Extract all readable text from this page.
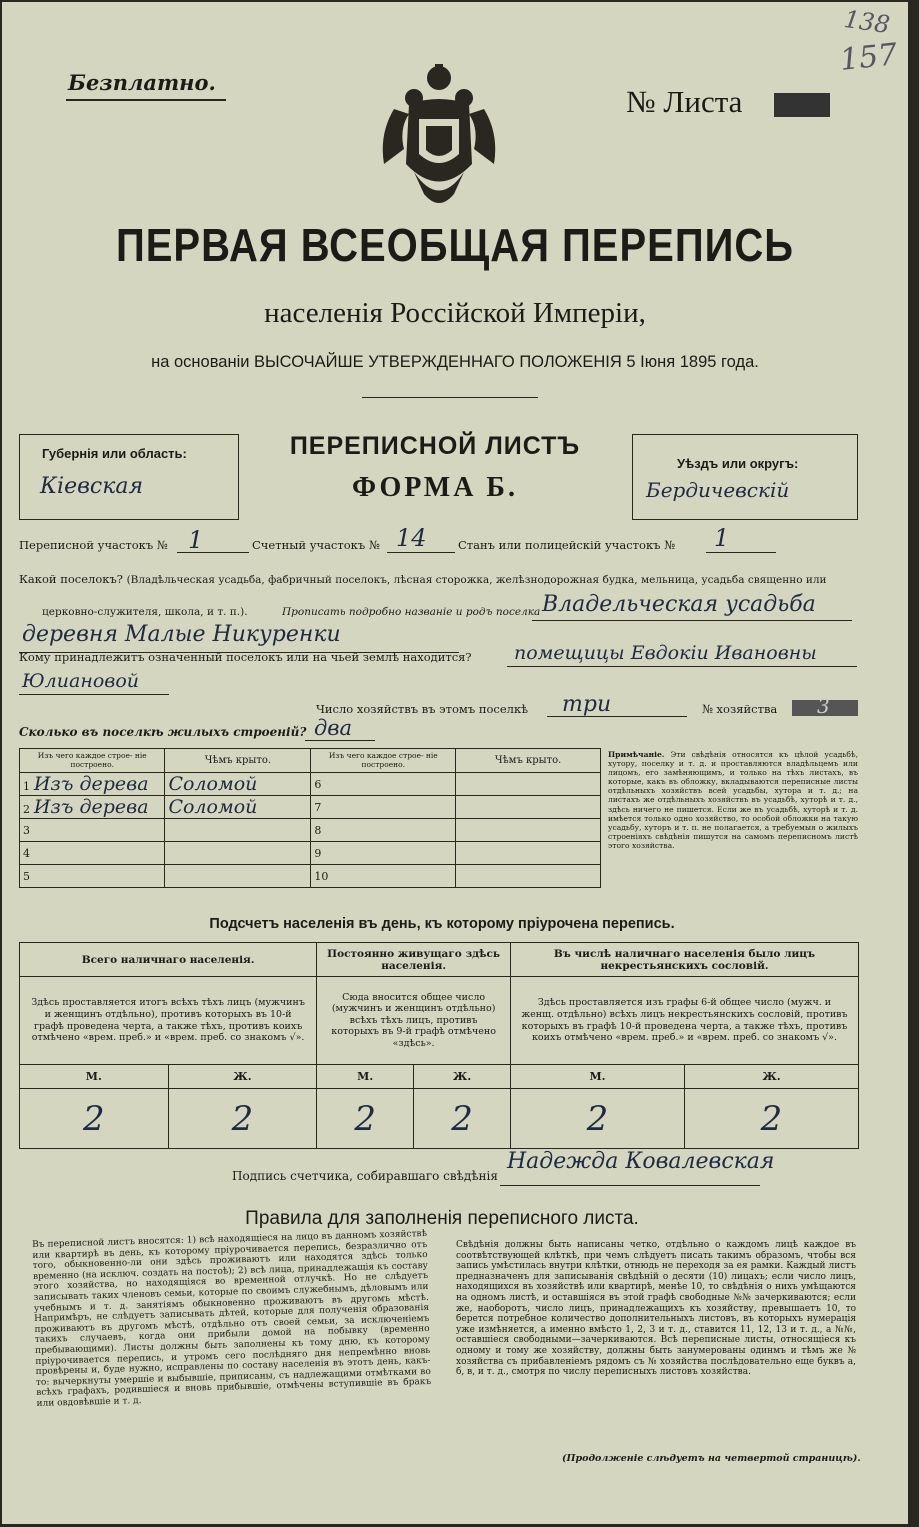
138
157
Безплатно.
№ Листа
ПЕРВАЯ ВСЕОБЩАЯ ПЕРЕПИСЬ
населенія Россійской Имперіи,
на основаніи ВЫСОЧАЙШЕ УТВЕРЖДЕННАГО ПОЛОЖЕНІЯ 5 Іюня 1895 года.
Губернія или область:
Кіевская
ПЕРЕПИСНОЙ ЛИСТЪ
ФОРМА Б.
Уѣздъ или округъ:
Бердичевскій
Переписной участокъ № 1	Счетный участокъ № 14	Станъ или полицейскій участокъ № 1
Какой поселокъ? (Владѣльческая усадьба, фабричный поселокъ, лѣсная сторожка, желѣзнодорожная будка, мельница, усадьба священно или
церковно-служителя, школа, и т. п.).	Прописать подробно названіе и родъ поселка Владельческая усадьба
деревня Малые Никуренки
Кому принадлежитъ означенный поселокъ или на чьей землѣ находится? помещицы Евдокіи Ивановны
Юлиановой
Число хозяйствъ въ этомъ поселкѣ три	№ хозяйства 3
Сколько въ поселкѣ жилыхъ строеній? два
Изъ чего каждое строе- ніе построено.	Чѣмъ крыто.	Изъ чего каждое строе- ніе построено.	Чѣмъ крыто.
1 Изъ дерева	Соломой	6	
2 Изъ дерева	Соломой	7	
3		8	
4		9	
5		10	
Примѣчаніе. Эти свѣдѣнія относятся къ цѣлой усадьбѣ, хутору, поселку и т. д. и проставляются владѣльцемъ или лицомъ, его замѣняющимъ, и только на тѣхъ листахъ, въ которые, какъ въ обложку, вкладываются переписные листы отдѣльныхъ хозяйствъ всей усадьбы, хутора и т. д.; на листахъ же отдѣльныхъ хозяйствъ въ усадьбѣ, хуторѣ и т. д., здѣсь ничего не пишется. Если же въ усадьбѣ, хуторѣ и т. д. имѣется только одно хозяйство, то особой обложки на такую усадьбу, хуторъ и т. п. не полагается, а требуемыя о жилыхъ строеніяхъ свѣдѣнія пишутся на самомъ переписномъ листѣ этого хозяйства.
Подсчетъ населенія въ день, къ которому пріурочена перепись.
Всего наличнаго населенія.		Постоянно живущаго здѣсь населенія.		Въ числѣ наличнаго населенія было лицъ некрестьянскихъ сословій.	
Здѣсь проставляется итогъ всѣхъ тѣхъ лицъ (мужчинъ и женщинъ отдѣльно), противъ которыхъ въ 10-й графѣ проведена черта, а также тѣхъ, противъ коихъ отмѣчено «врем. преб.» и «врем. преб. со знакомъ √».		Сюда вносится общее число (мужчинъ и женщинъ отдѣльно) всѣхъ тѣхъ лицъ, противъ которыхъ въ 9-й графѣ отмѣчено «здѣсь».		Здѣсь проставляется изъ графы 6-й общее число (мужч. и женщ. отдѣльно) всѣхъ лицъ некрестьянскихъ сословій, противъ которыхъ въ графѣ 10-й проведена черта, а также тѣхъ, противъ коихъ отмѣчено «врем. преб.» и «врем. преб. со знакомъ √».	
М.	Ж.	М.	Ж.	М.	Ж.
2	2	2	2	2	2
Подпись счетчика, собиравшаго свѣдѣнія
Надежда Ковалевская
Правила для заполненія переписного листа.
Въ переписной листъ вносятся: 1) всѣ находящіеся на лицо въ данномъ хозяйствѣ или квартирѣ въ день, къ которому пріурочивается перепись, безразлично отъ того, обыкновенно-ли они здѣсь проживаютъ или находятся здѣсь только временно (на исключ. создать на постоѣ); 2) всѣ лица, принадлежащія къ составу этого хозяйства, но находящіяся во временной отлучкѣ. Но не слѣдуетъ записывать таких членовъ семьи, которые по своимъ служебнымъ, дѣловымъ или учебнымъ и т. д. занятіямъ обыкновенно проживаютъ въ другомъ мѣстѣ. Напримѣръ, не слѣдуетъ записывать дѣтей, которые для полученія образованія проживаютъ въ другомъ мѣстѣ, отдѣльно отъ своей семьи, за исключеніемъ такихъ случаевъ, когда они прибыли домой на побывку (временно пребывающими). Листы должны быть заполнены къ тому дню, къ которому пріурочивается перепись, и утромъ сего послѣдняго дня непремѣнно вновь провѣрены и, буде нужно, исправлены по составу населенія въ этотъ день, какъ-то: вычеркнуты умершіе и выбывшіе, приписаны, съ надлежащими отмѣтками во всѣхъ графахъ, родившіеся и вновь прибывшіе, отмѣчены вступившіе въ бракъ или овдовѣвшіе и т. д.
Свѣдѣнія должны быть написаны четко, отдѣльно о каждомъ лицѣ каждое въ соотвѣтствующей клѣткѣ, при чемъ слѣдуетъ писать такимъ образомъ, чтобы вся запись умѣстилась внутри клѣтки, отнюдь не переходя за ея рамки. Каждый листъ предназначенъ для записыванія свѣдѣній о десяти (10) лицахъ; если число лицъ, находящихся въ хозяйствѣ или квартирѣ, менѣе 10, то свѣдѣнія о нихъ умѣщаются на одномъ листѣ, и оставшіяся въ этой графѣ свободные №№ зачеркиваются; если же, наоборотъ, число лицъ, принадлежащихъ къ хозяйству, превышаетъ 10, то берется потребное количество дополнительныхъ листовъ, въ которыхъ нумерація уже измѣняется, а именно вмѣсто 1, 2, 3 и т. д., ставится 11, 12, 13 и т. д., а №№, оставшіеся свободными—зачеркиваются. Всѣ переписные листы, относящіеся къ одному и тому же хозяйству, должны быть занумерованы одинмъ и тѣмъ же № хозяйства съ прибавленіемъ рядомъ съ № хозяйства послѣдовательно еще буквъ а, б, в, и т. д., смотря по числу переписныхъ листовъ хозяйства.
(Продолженіе слѣдуетъ на четвертой страницѣ).
